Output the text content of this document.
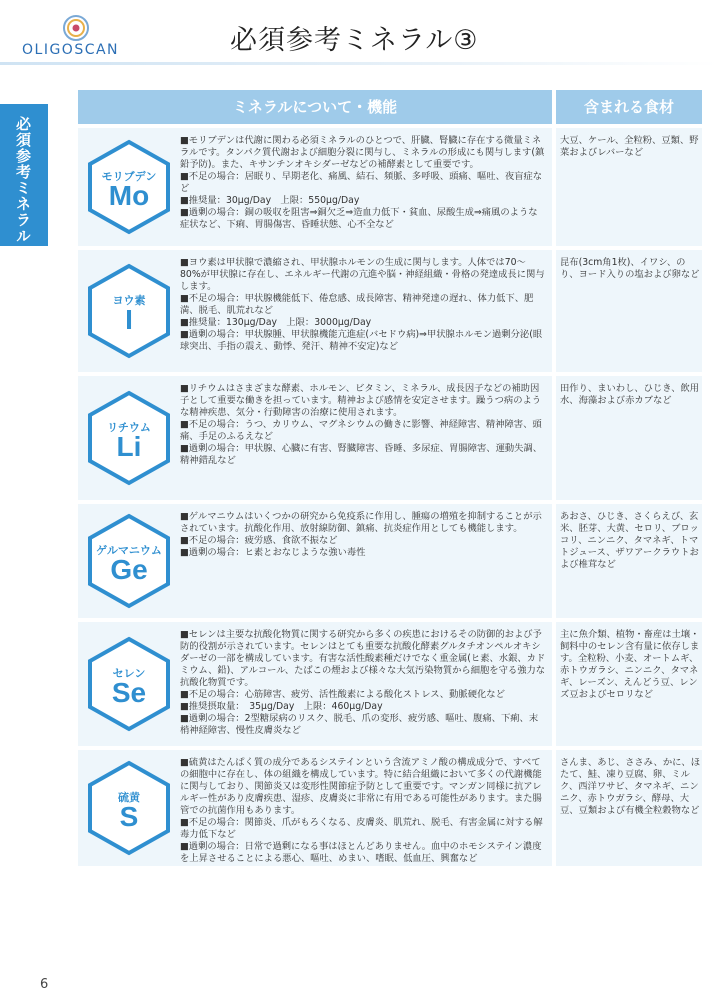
OLIGOSCAN	必須参考ミネラル③
必須参考ミネラル
ミネラルについて・機能	含まれる食材
モリブデン
Mo

■モリブデンは代謝に関わる必須ミネラルのひとつで、肝臓、腎臓に存在する微量ミネラルです。タンパク質代謝および細胞分裂に関与し、ミネラルの形成にも関与します(鎮鉛予防)。また、キサンチンオキシダーゼなどの補酵素として重要です。

■不足の場合：居眠り、早期老化、痛風、結石、頻脈、多呼吸、頭痛、嘔吐、夜盲症など

■推奨量：30μg/Day　上限：550μg/Day

■過剰の場合：銅の吸収を阻害⇒銅欠乏⇒造血力低下・貧血、尿酸生成⇒痛風のような症状など、下痢、胃腸傷害、昏睡状態、心不全など

大豆、ケール、全粒粉、豆類、野菜およびレバーなど
ヨウ素
I

■ヨウ素は甲状腺で濃縮され、甲状腺ホルモンの生成に関与します。人体では70～80%が甲状腺に存在し、エネルギー代謝の亢進や脳・神経組織・骨格の発達成長に関与します。

■不足の場合：甲状腺機能低下、倦怠感、成長障害、精神発達の遅れ、体力低下、肥満、脱毛、肌荒れなど

■推奨量：130μg/Day　上限：3000μg/Day

■過剰の場合：甲状腺腫、甲状腺機能亢進症(バセドウ病)⇒甲状腺ホルモン過剰分泌(眼球突出、手指の震え、動悸、発汗、精神不安定)など

昆布(3cm角1枚)、イワシ、のり、ヨード入りの塩および卵など
リチウム
Li

■リチウムはさまざまな酵素、ホルモン、ビタミン、ミネラル、成長因子などの補助因子として重要な働きを担っています。精神および感情を安定させます。躁うつ病のような精神疾患、気分・行動障害の治療に使用されます。

■不足の場合：うつ、カリウム、マグネシウムの働きに影響、神経障害、精神障害、頭痛、手足のふるえなど

■過剰の場合：甲状腺、心臓に有害、腎臓障害、昏睡、多尿症、胃腸障害、運動失調、精神錯乱など

田作り、まいわし、ひじき、飲用水、海藻および赤カブなど
ゲルマニウム
Ge

■ゲルマニウムはいくつかの研究から免疫系に作用し、腫瘍の増殖を抑制することが示されています。抗酸化作用、放射線防御、鎮痛、抗炎症作用としても機能します。

■不足の場合：疲労感、食欲不振など

■過剰の場合：ヒ素とおなじような強い毒性

あおさ、ひじき、さくらえび、玄米、胚芽、大黄、セロリ、ブロッコリ、ニンニク、タマネギ、トマトジュース、ザワアークラウトおよび椎茸など
セレン
Se

■セレンは主要な抗酸化物質に関する研究から多くの疾患におけるその防御的および予防的役割が示されています。セレンはとても重要な抗酸化酵素グルタチオンペルオキシダーゼの一部を構成しています。有害な活性酸素種だけでなく重金属(ヒ素、水銀、カドミウム、鉛)、アルコール、たばこの煙および様々な大気汚染物質から細胞を守る強力な抗酸化物質です。

■不足の場合：心筋障害、疲労、活性酸素による酸化ストレス、動脈硬化など

■推奨摂取量：　35μg/Day　上限：460μg/Day

■過剰の場合：2型糖尿病のリスク、脱毛、爪の変形、疲労感、嘔吐、腹痛、下痢、末梢神経障害、慢性皮膚炎など

主に魚介類、植物・畜産は土壌・飼料中のセレン含有量に依存します。全粒粉、小麦、オートムギ、赤トウガラシ、ニンニク、タマネギ、レーズン、えんどう豆、レンズ豆およびセロリなど
硫黄
S

■硫黄はたんぱく質の成分であるシステインという含流アミノ酸の構成成分で、すべての細胞中に存在し、体の組織を構成しています。特に結合組織において多くの代謝機能に関与しており、関節炎又は変形性関節症予防として重要です。マンガン同様に抗アレルギー性があり皮膚疾患、湿疹、皮膚炎に非常に有用である可能性があります。また腸管での抗菌作用もあります。

■不足の場合：関節炎、爪がもろくなる、皮膚炎、肌荒れ、脱毛、有害金属に対する解毒力低下など

■過剰の場合：日常で過剰になる事はほとんどありません。血中のホモシステイン濃度を上昇させることによる悪心、嘔吐、めまい、嗜眠、低血圧、興奮など

さんま、あじ、ささみ、かに、ほたて、鮭、凍り豆腐、卵、ミルク、西洋ワサビ、タマネギ、ニンニク、赤トウガラシ、酵母、大豆、豆類および有機全粒穀物など
6
